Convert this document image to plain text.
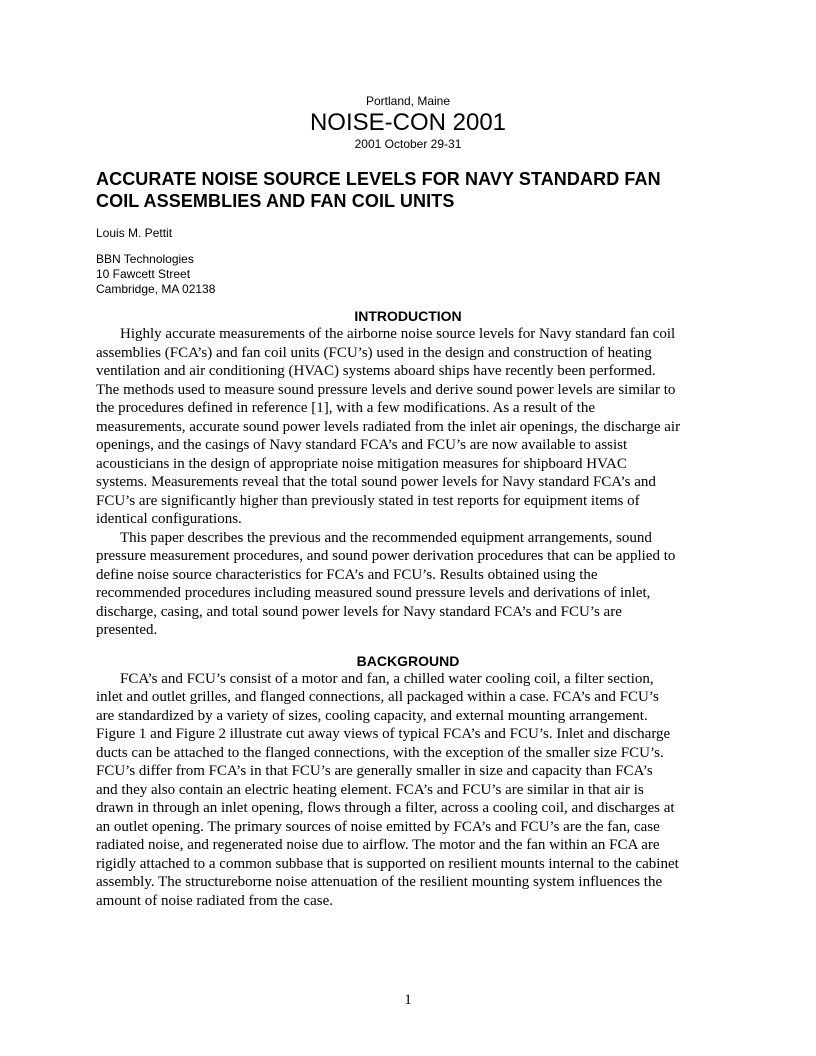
Portland, Maine
NOISE-CON 2001
2001 October 29-31
ACCURATE NOISE SOURCE LEVELS FOR NAVY STANDARD FAN
COIL ASSEMBLIES AND FAN COIL UNITS
Louis M. Pettit
BBN Technologies
10 Fawcett Street
Cambridge, MA 02138
INTRODUCTION
Highly accurate measurements of the airborne noise source levels for Navy standard fan coil
assemblies (FCA’s) and fan coil units (FCU’s) used in the design and construction of heating
ventilation and air conditioning (HVAC) systems aboard ships have recently been performed.
The methods used to measure sound pressure levels and derive sound power levels are similar to
the procedures defined in reference [1], with a few modifications. As a result of the
measurements, accurate sound power levels radiated from the inlet air openings, the discharge air
openings, and the casings of Navy standard FCA’s and FCU’s are now available to assist
acousticians in the design of appropriate noise mitigation measures for shipboard HVAC
systems. Measurements reveal that the total sound power levels for Navy standard FCA’s and
FCU’s are significantly higher than previously stated in test reports for equipment items of
identical configurations.
This paper describes the previous and the recommended equipment arrangements, sound
pressure measurement procedures, and sound power derivation procedures that can be applied to
define noise source characteristics for FCA’s and FCU’s. Results obtained using the
recommended procedures including measured sound pressure levels and derivations of inlet,
discharge, casing, and total sound power levels for Navy standard FCA’s and FCU’s are
presented.
BACKGROUND
FCA’s and FCU’s consist of a motor and fan, a chilled water cooling coil, a filter section,
inlet and outlet grilles, and flanged connections, all packaged within a case. FCA’s and FCU’s
are standardized by a variety of sizes, cooling capacity, and external mounting arrangement.
Figure 1 and Figure 2 illustrate cut away views of typical FCA’s and FCU’s. Inlet and discharge
ducts can be attached to the flanged connections, with the exception of the smaller size FCU’s.
FCU’s differ from FCA’s in that FCU’s are generally smaller in size and capacity than FCA’s
and they also contain an electric heating element. FCA’s and FCU’s are similar in that air is
drawn in through an inlet opening, flows through a filter, across a cooling coil, and discharges at
an outlet opening. The primary sources of noise emitted by FCA’s and FCU’s are the fan, case
radiated noise, and regenerated noise due to airflow. The motor and the fan within an FCA are
rigidly attached to a common subbase that is supported on resilient mounts internal to the cabinet
assembly. The structureborne noise attenuation of the resilient mounting system influences the
amount of noise radiated from the case.
1
